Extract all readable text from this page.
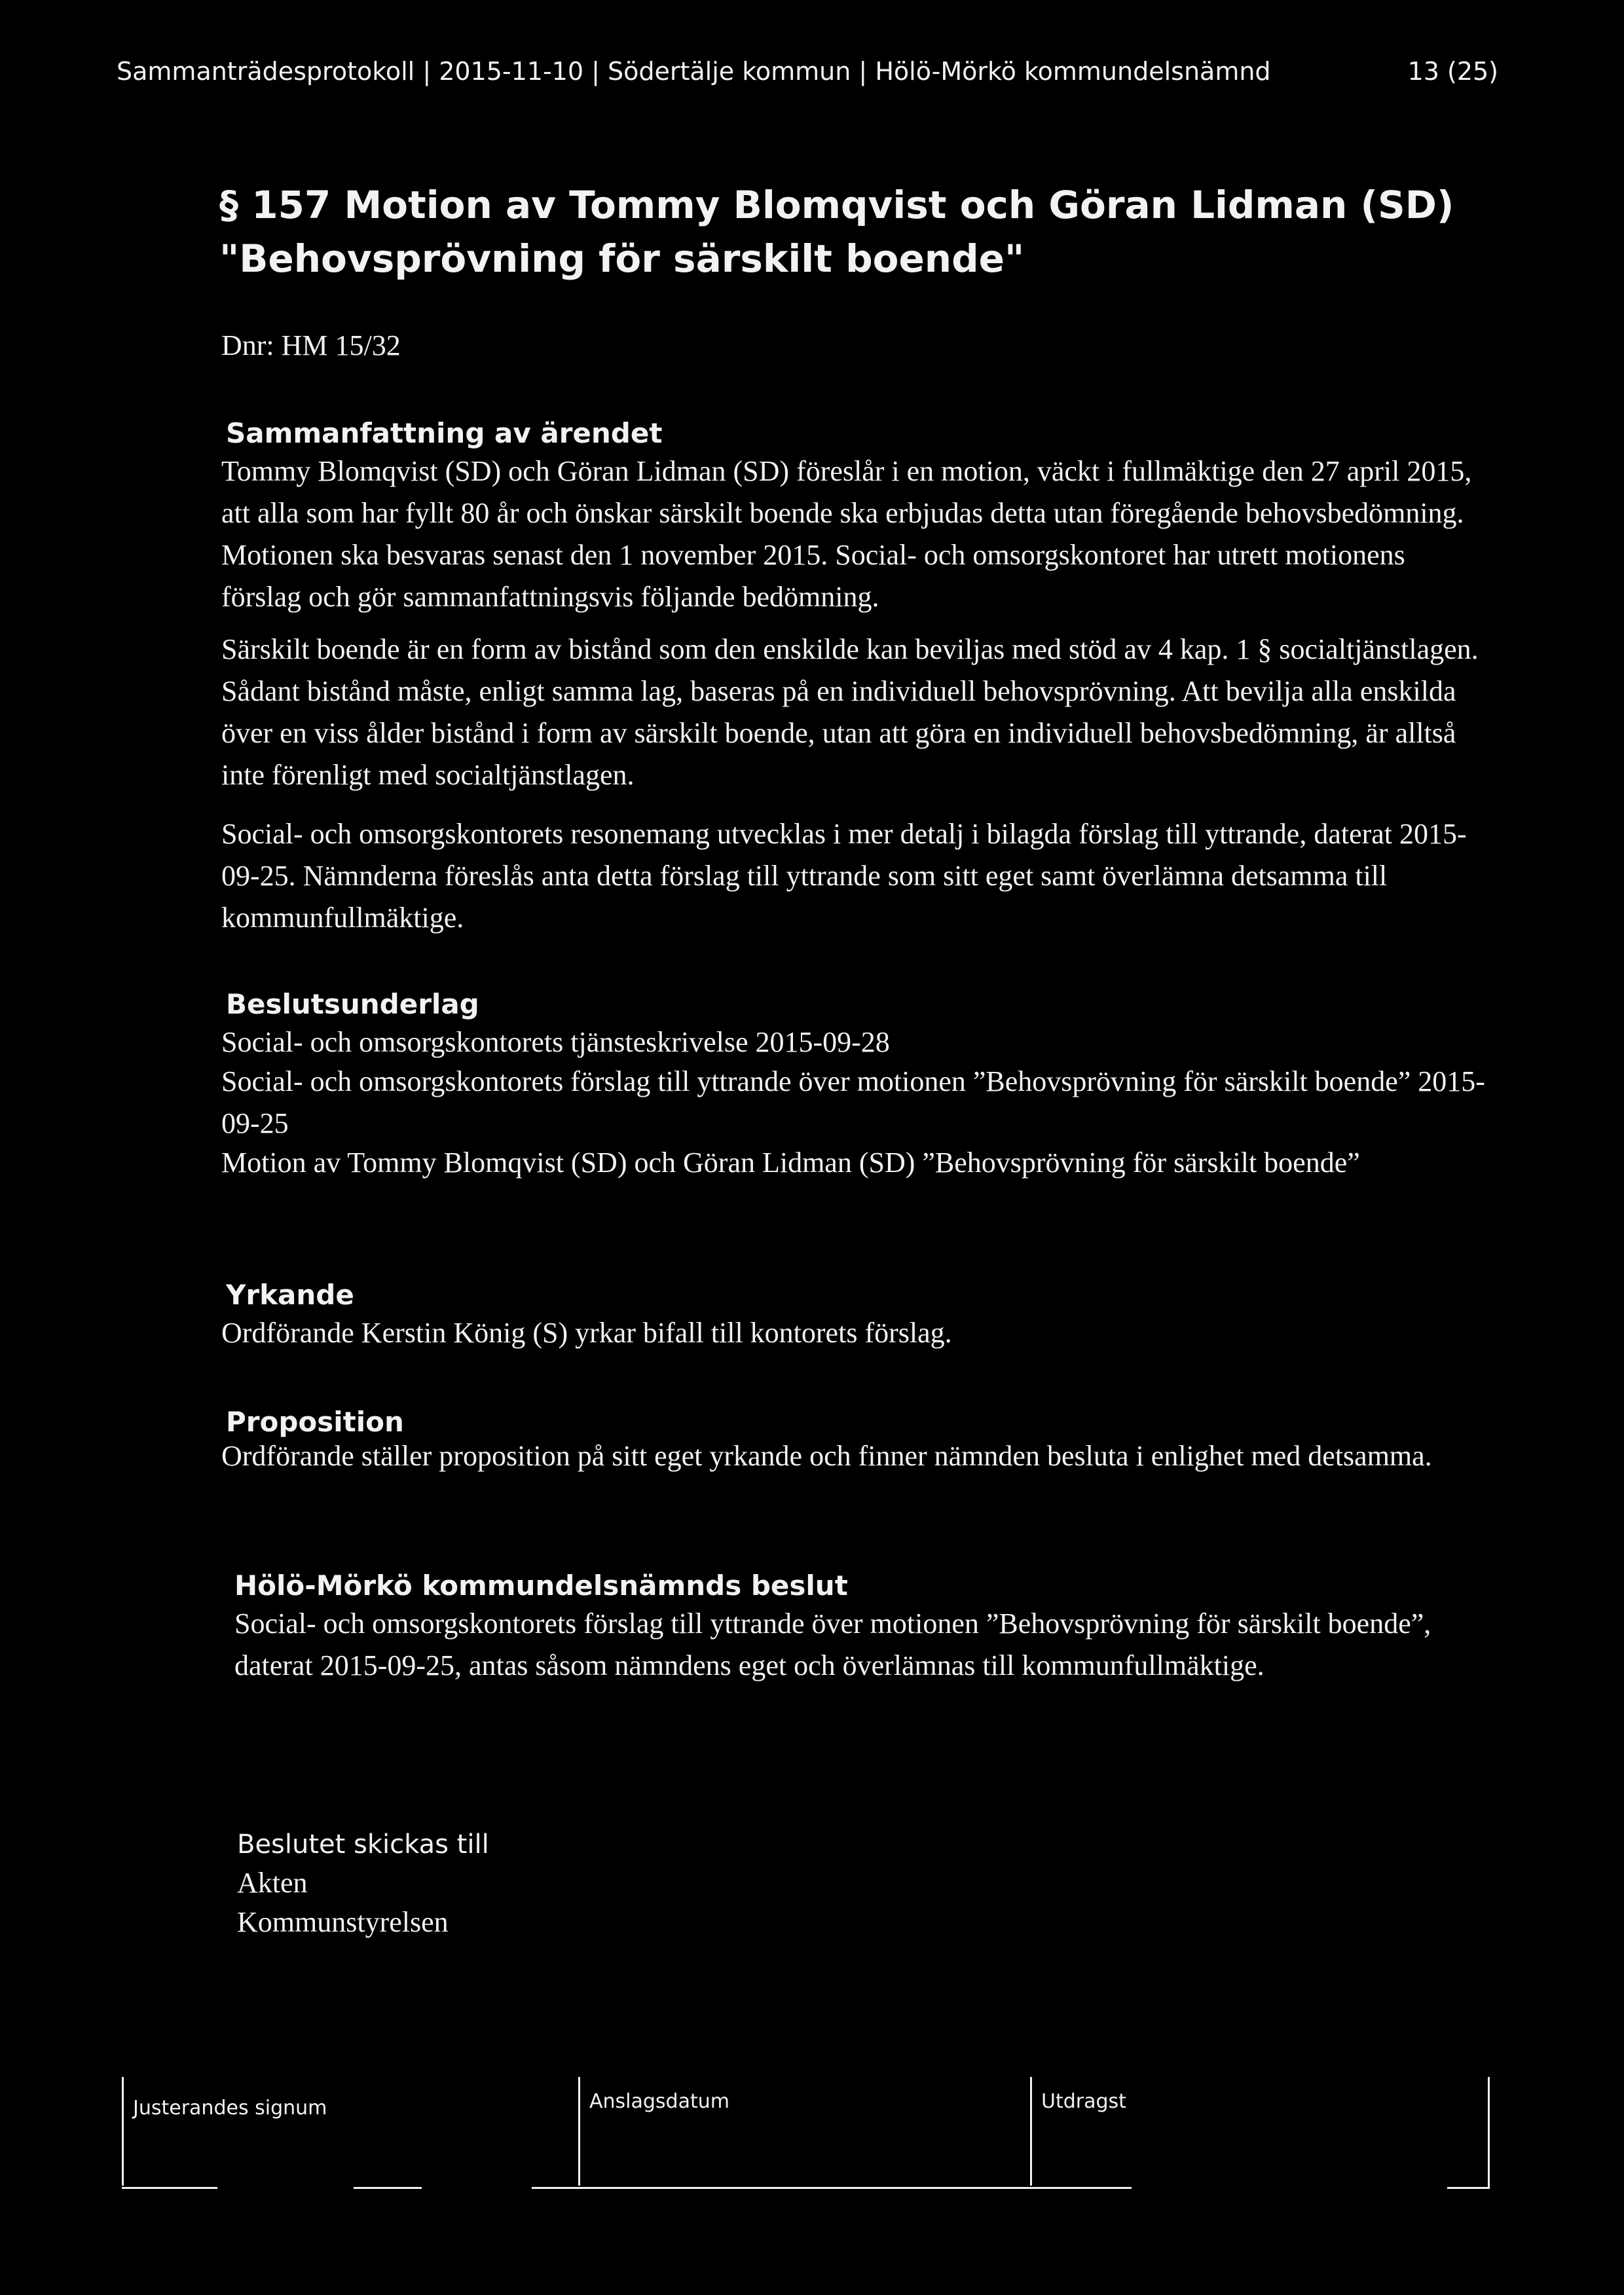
Sammanträdesprotokoll | 2015-11-10 | Södertälje kommun | Hölö-Mörkö kommundelsnämnd	13 (25)
§ 157 Motion av Tommy Blomqvist och Göran Lidman (SD)
"Behovsprövning för särskilt boende"
Dnr: HM 15/32
Sammanfattning av ärendet

Tommy Blomqvist (SD) och Göran Lidman (SD) föreslår i en motion, väckt i fullmäktige den 27 april 2015, att alla som har fyllt 80 år och önskar särskilt boende ska erbjudas detta utan föregående behovsbedömning. Motionen ska besvaras senast den 1 november 2015. Social- och omsorgskontoret har utrett motionens förslag och gör sammanfattningsvis följande bedömning.

Särskilt boende är en form av bistånd som den enskilde kan beviljas med stöd av 4 kap. 1 § socialtjänstlagen. Sådant bistånd måste, enligt samma lag, baseras på en individuell behovsprövning. Att bevilja alla enskilda över en viss ålder bistånd i form av särskilt boende, utan att göra en individuell behovsbedömning, är alltså inte förenligt med socialtjänstlagen.

Social- och omsorgskontorets resonemang utvecklas i mer detalj i bilagda förslag till yttrande, daterat 2015-09-25. Nämnderna föreslås anta detta förslag till yttrande som sitt eget samt överlämna detsamma till kommunfullmäktige.

Beslutsunderlag

Social- och omsorgskontorets tjänsteskrivelse 2015-09-28

Social- och omsorgskontorets förslag till yttrande över motionen ”Behovsprövning för särskilt boende” 2015-09-25

Motion av Tommy Blomqvist (SD) och Göran Lidman (SD) ”Behovsprövning för särskilt boende”

Yrkande

Ordförande Kerstin König (S) yrkar bifall till kontorets förslag.

Proposition

Ordförande ställer proposition på sitt eget yrkande och finner nämnden besluta i enlighet med detsamma.

Hölö-Mörkö kommundelsnämnds beslut

Social- och omsorgskontorets förslag till yttrande över motionen ”Behovsprövning för särskilt boende”, daterat 2015-09-25, antas såsom nämndens eget och överlämnas till kommunfullmäktige.

Beslutet skickas till
Akten
Kommunstyrelsen
Justerandes signum	Anslagsdatum	Utdragst
